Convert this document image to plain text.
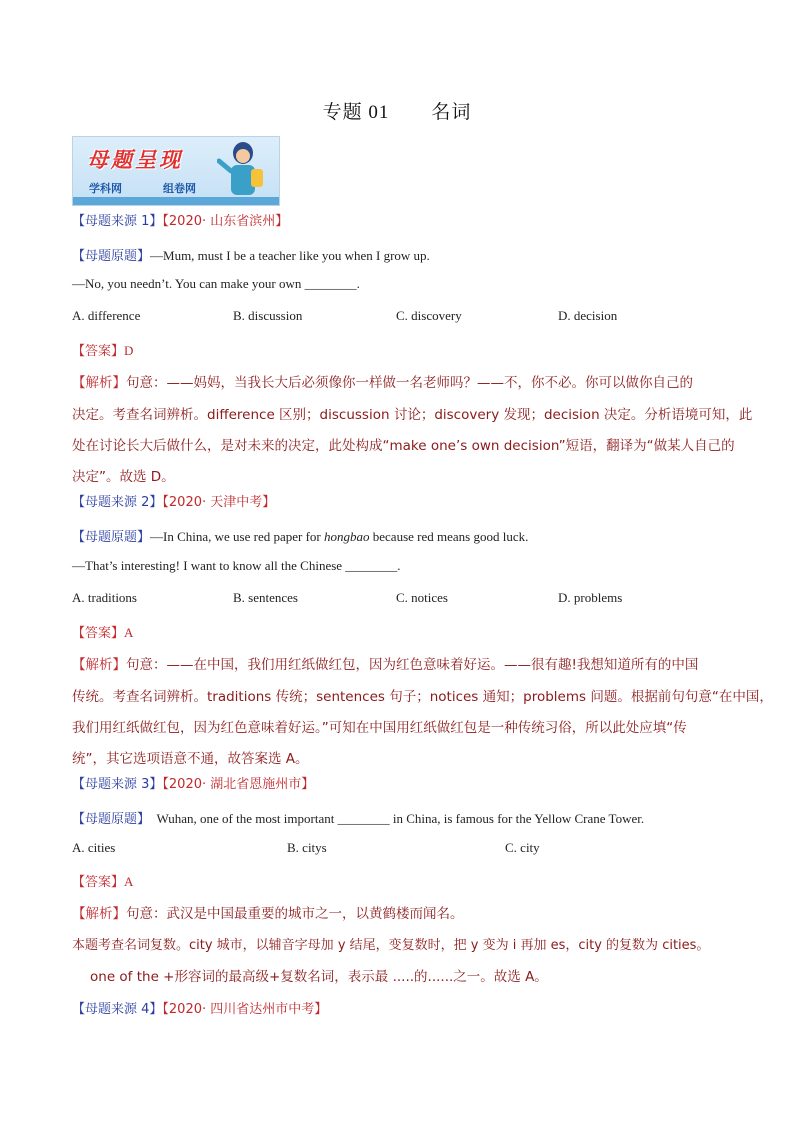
专题 01 名词
母题呈现
学科网	组卷网
【母题来源 1】【2020· 山东省滨州】
【母题原题】—Mum, must I be a teacher like you when I grow up.
—No, you needn’t. You can make your own ________.
A. difference	B. discussion	C. discovery	D. decision
【答案】D
【解析】句意：——妈妈，当我长大后必须像你一样做一名老师吗？——不，你不必。你可以做你自己的
决定。考查名词辨析。difference 区别；discussion 讨论；discovery 发现；decision 决定。分析语境可知，此
处在讨论长大后做什么，是对未来的决定，此处构成“make one’s own decision”短语，翻译为“做某人自己的
决定”。故选 D。
【母题来源 2】【2020· 天津中考】
【母题原题】—In China, we use red paper for hongbao because red means good luck.
—That’s interesting! I want to know all the Chinese ________.
A. traditions	B. sentences	C. notices	D. problems
【答案】A
【解析】句意：——在中国，我们用红纸做红包，因为红色意味着好运。——很有趣!我想知道所有的中国
传统。考查名词辨析。traditions 传统；sentences 句子；notices 通知；problems 问题。根据前句句意“在中国，
我们用红纸做红包，因为红色意味着好运。”可知在中国用红纸做红包是一种传统习俗，所以此处应填“传
统”，其它选项语意不通，故答案选 A。
【母题来源 3】【2020· 湖北省恩施州市】
【母题原题】  Wuhan, one of the most important ________ in China, is famous for the Yellow Crane Tower.
A. cities	B. citys	C. city
【答案】A
【解析】句意：武汉是中国最重要的城市之一，以黄鹤楼而闻名。
本题考查名词复数。city 城市，以辅音字母加 y 结尾，变复数时，把 y 变为 i 再加 es，city 的复数为 cities。
one of the +形容词的最高级+复数名词，表示最 .....的......之一。故选 A。
【母题来源 4】【2020· 四川省达州市中考】
